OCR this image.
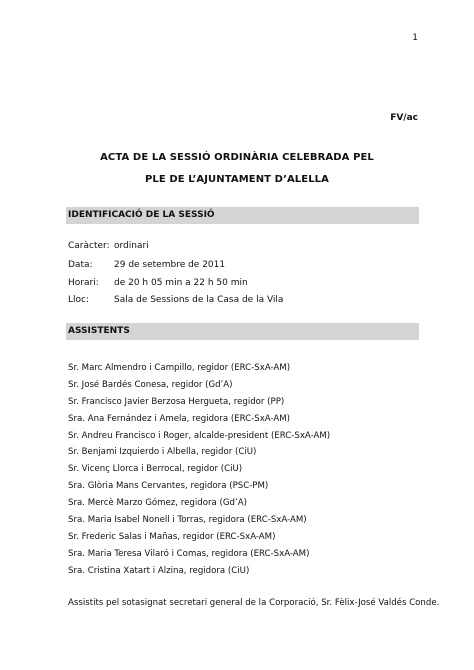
1
FV/ac
ACTA DE LA SESSIÓ ORDINÀRIA CELEBRADA PEL
PLE DE L’AJUNTAMENT D’ALELLA
IDENTIFICACIÓ DE LA SESSIÓ
Caràcter: ordinari
Data: 29 de setembre de 2011
Horari: de 20 h 05 min a 22 h 50 min
Lloc:	Sala de Sessions de la Casa de la Vila
ASSISTENTS
Sr. Marc Almendro i Campillo, regidor (ERC-SxA-AM)
Sr. José Bardés Conesa, regidor (Gd’A)
Sr. Francisco Javier Berzosa Hergueta, regidor (PP)
Sra. Ana Fernández i Amela, regidora (ERC-SxA-AM)
Sr. Andreu Francisco i Roger, alcalde-president (ERC-SxA-AM)
Sr. Benjami Izquierdo i Albella, regidor (CiU)
Sr. Vicenç Llorca i Berrocal, regidor (CiU)
Sra. Glòria Mans Cervantes, regidora (PSC-PM)
Sra. Mercè Marzo Gómez, regidora (Gd’A)
Sra. Maria Isabel Nonell i Torras, regidora (ERC-SxA-AM)
Sr. Frederic Salas i Mañas, regidor (ERC-SxA-AM)
Sra. Maria Teresa Vilaró i Comas, regidora (ERC-SxA-AM)
Sra. Cristina Xatart i Alzina, regidora (CiU)
Assistits pel sotasignat secretari general de la Corporació, Sr. Fèlix-José Valdés Conde.
